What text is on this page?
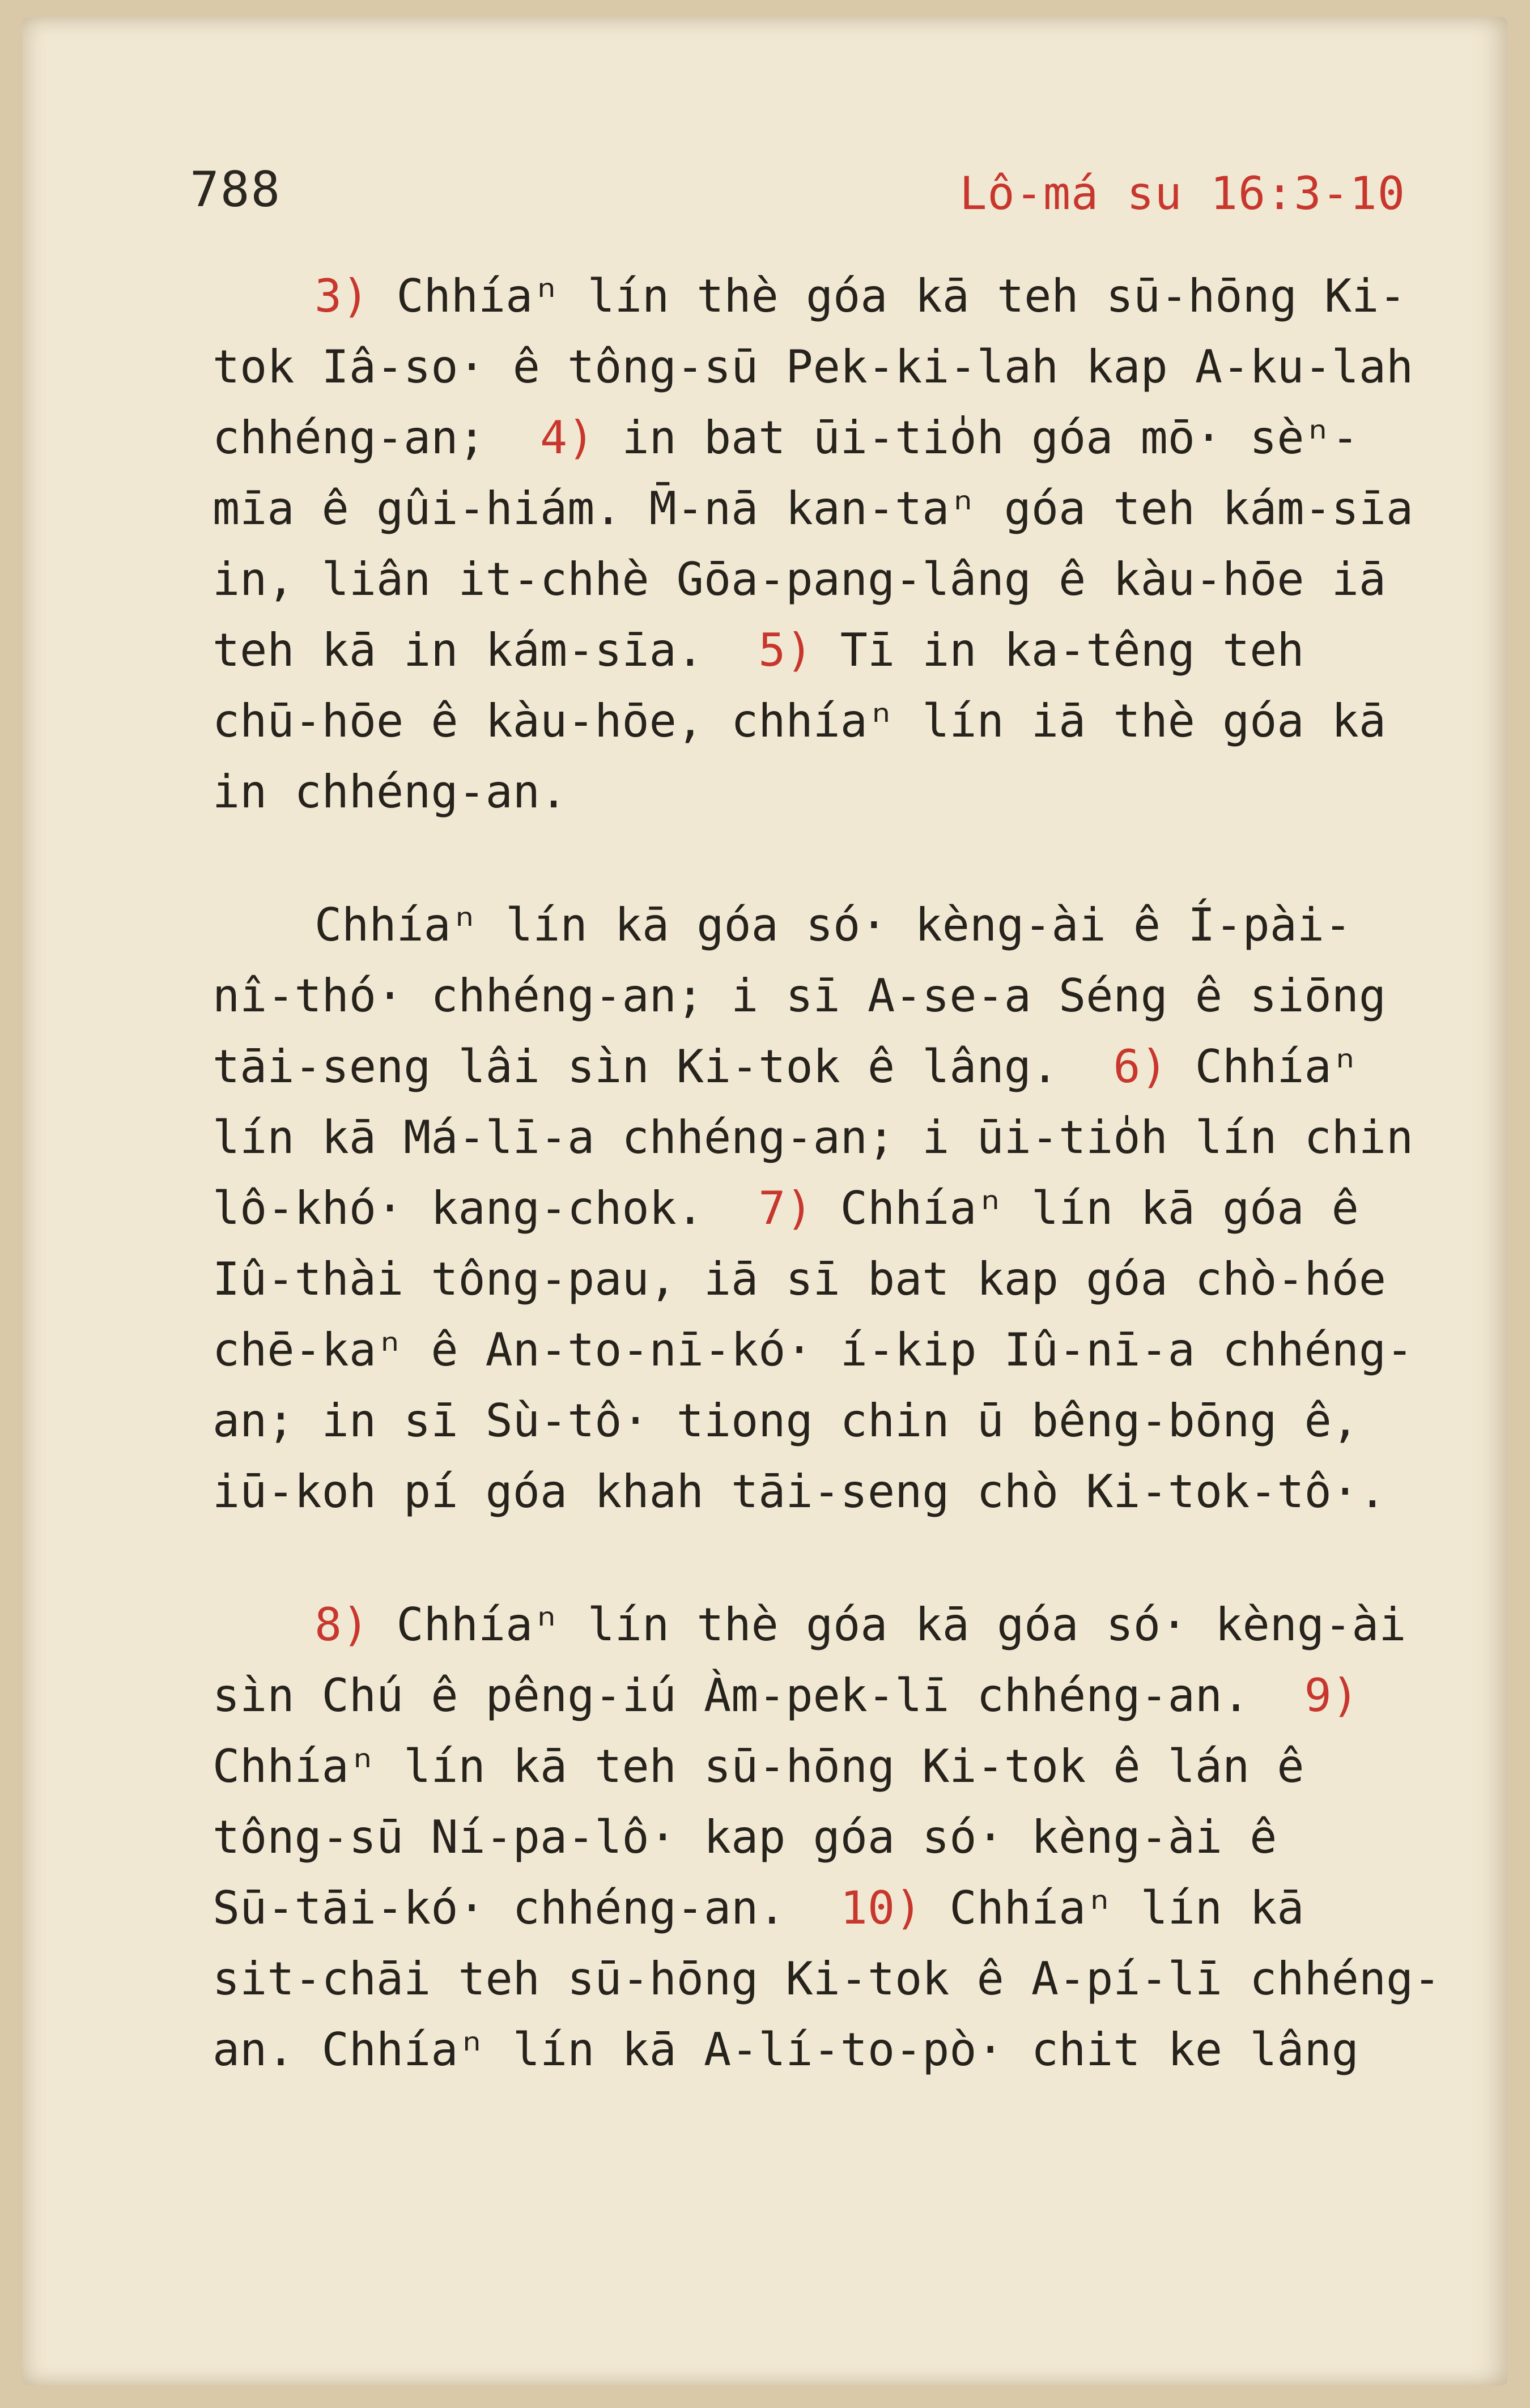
788	Lô-má su 16:3-10
3) Chhíaⁿ lín thè góa kā teh sū-hōng Ki-
tok Iâ-so· ê tông-sū Pek-ki-lah kap A-ku-lah
chhéng-an;  4) in bat ūi-tio̍h góa mō· sèⁿ-
mīa ê gûi-hiám. M̄-nā kan-taⁿ góa teh kám-sīa
in, liân it-chhè Gōa-pang-lâng ê kàu-hōe iā
teh kā in kám-sīa.  5) Tī in ka-têng teh
chū-hōe ê kàu-hōe, chhíaⁿ lín iā thè góa kā
in chhéng-an.
Chhíaⁿ lín kā góa só· kèng-ài ê Í-pài-
nî-thó· chhéng-an; i sī A-se-a Séng ê siōng
tāi-seng lâi sìn Ki-tok ê lâng.  6) Chhíaⁿ
lín kā Má-lī-a chhéng-an; i ūi-tio̍h lín chin
lô-khó· kang-chok.  7) Chhíaⁿ lín kā góa ê
Iû-thài tông-pau, iā sī bat kap góa chò-hóe
chē-kaⁿ ê An-to-nī-kó· í-kip Iû-nī-a chhéng-
an; in sī Sù-tô· tiong chin ū bêng-bōng ê,
iū-koh pí góa khah tāi-seng chò Ki-tok-tô·.
8) Chhíaⁿ lín thè góa kā góa só· kèng-ài
sìn Chú ê pêng-iú Àm-pek-lī chhéng-an.  9)
Chhíaⁿ lín kā teh sū-hōng Ki-tok ê lán ê
tông-sū Ní-pa-lô· kap góa só· kèng-ài ê
Sū-tāi-kó· chhéng-an.  10) Chhíaⁿ lín kā
sit-chāi teh sū-hōng Ki-tok ê A-pí-lī chhéng-
an. Chhíaⁿ lín kā A-lí-to-pò· chit ke lâng
